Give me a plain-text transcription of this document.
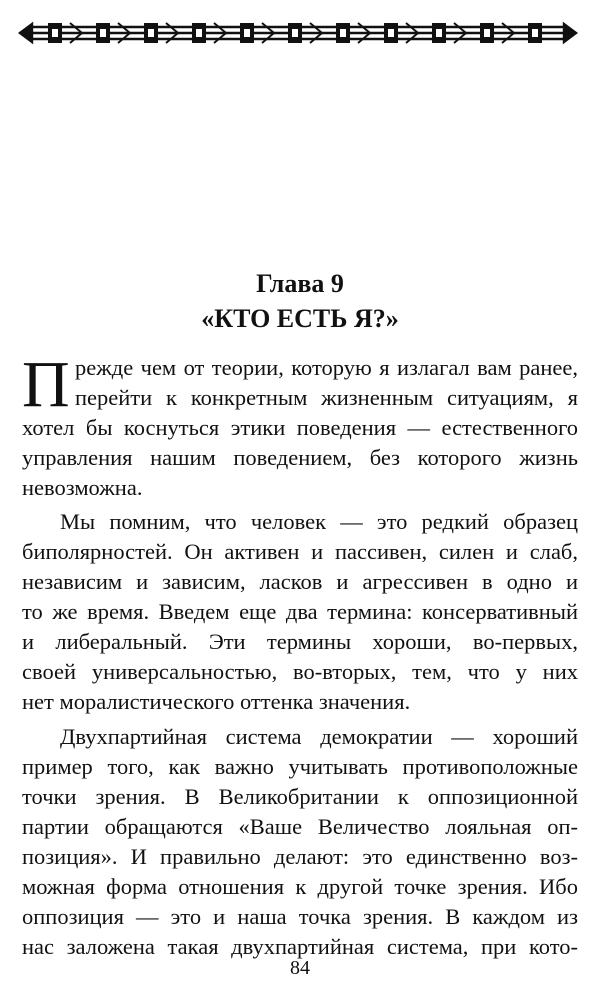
Глава 9
«КТО ЕСТЬ Я?»
П режде чем от теории, которую я излагал вам ранее,
перейти к конкретным жизненным ситуациям, я
хотел бы коснуться этики поведения — естественного
управления нашим поведением, без которого жизнь
невозможна.
Мы помним, что человек — это редкий образец
биполярностей. Он активен и пассивен, силен и слаб,
независим и зависим, ласков и агрессивен в одно и
то же время. Введем еще два термина: консервативный
и либеральный. Эти термины хороши, во-первых,
своей универсальностью, во-вторых, тем, что у них
нет моралистического оттенка значения.
Двухпартийная система демократии — хороший
пример того, как важно учитывать противоположные
точки зрения. В Великобритании к оппозиционной
партии обращаются «Ваше Величество лояльная оп-
позиция». И правильно делают: это единственно воз-
можная форма отношения к другой точке зрения. Ибо
оппозиция — это и наша точка зрения. В каждом из
нас заложена такая двухпартийная система, при кото-
84
